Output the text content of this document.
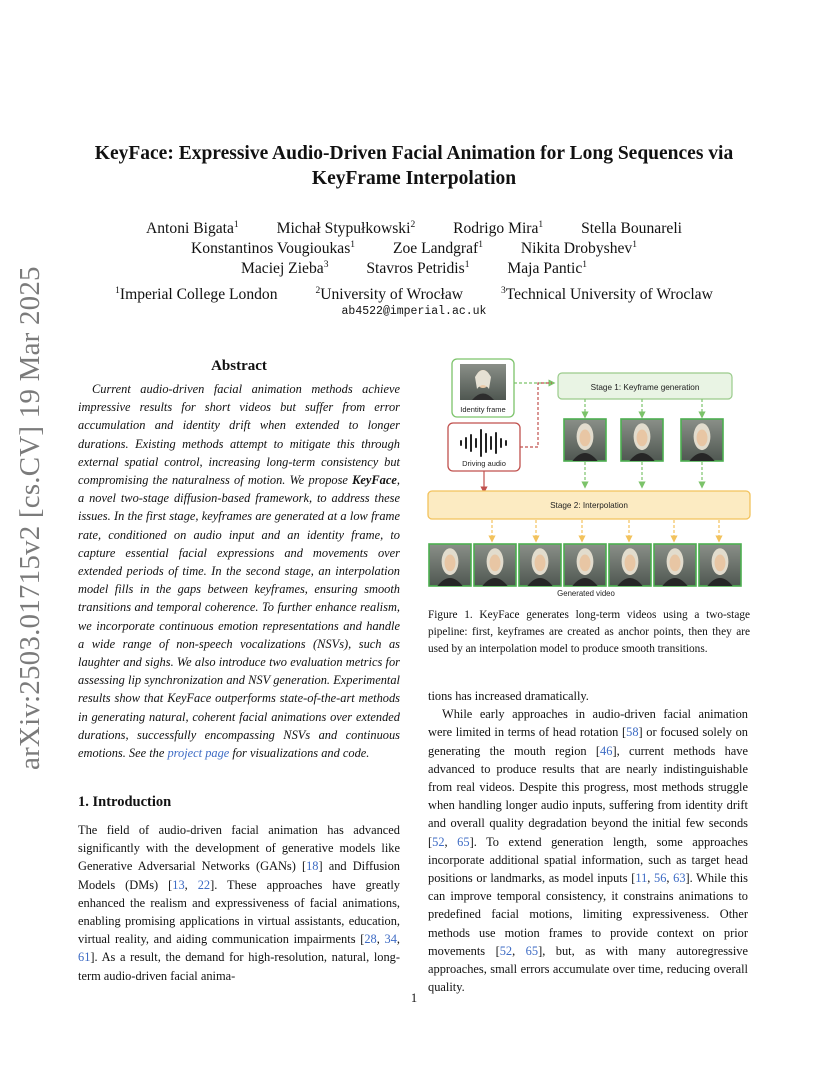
arXiv:2503.01715v2 [cs.CV] 19 Mar 2025
KeyFace: Expressive Audio-Driven Facial Animation for Long Sequences via
KeyFrame Interpolation
Antoni Bigata$^1$ Michał Stypułkowski$^2$ Rodrigo Mira$^1$ Stella Bounareli
Konstantinos Vougioukas$^1$ Zoe Landgraf$^1$ Nikita Drobyshev$^1$
Maciej Zieba$^3$ Stavros Petridis$^1$ Maja Pantic$^1$
$^1$Imperial College London	$^2$University of Wrocław	$^3$Technical University of Wroclaw
ab4522@imperial.ac.uk
Abstract

Current audio-driven facial animation methods achieve impressive results for short videos but suffer from error accumulation and identity drift when extended to longer durations. Existing methods attempt to mitigate this through external spatial control, increasing long-term consistency but compromising the naturalness of motion. We propose KeyFace, a novel two-stage diffusion-based framework, to address these issues. In the first stage, keyframes are generated at a low frame rate, conditioned on audio input and an identity frame, to capture essential facial expressions and movements over extended periods of time. In the second stage, an interpolation model fills in the gaps between keyframes, ensuring smooth transitions and temporal coherence. To further enhance realism, we incorporate continuous emotion representations and handle a wide range of non-speech vocalizations (NSVs), such as laughter and sighs. We also introduce two evaluation metrics for assessing lip synchronization and NSV generation. Experimental results show that KeyFace outperforms state-of-the-art methods in generating natural, coherent facial animations over extended durations, successfully encompassing NSVs and continuous emotions. See the project page for visualizations and code.

1. Introduction

The field of audio-driven facial animation has advanced significantly with the development of generative models like Generative Adversarial Networks (GANs) [18] and Diffusion Models (DMs) [13, 22]. These approaches have greatly enhanced the realism and expressiveness of facial animations, enabling promising applications in virtual assistants, education, virtual reality, and aiding communication impairments [28, 34, 61]. As a result, the demand for high-resolution, natural, long-term audio-driven facial anima-

Identity frame
Driving audio
Stage 1: Keyframe generation
Stage 2: Interpolation
Generated video
Figure 1. KeyFace generates long-term videos using a two-stage pipeline: first, keyframes are created as anchor points, then they are used by an interpolation model to produce smooth transitions.

tions has increased dramatically.

While early approaches in audio-driven facial animation were limited in terms of head rotation [58] or focused solely on generating the mouth region [46], current methods have advanced to produce results that are nearly indistinguishable from real videos. Despite this progress, most methods struggle when handling longer audio inputs, suffering from identity drift and overall quality degradation beyond the initial few seconds [52, 65]. To extend generation length, some approaches incorporate additional spatial information, such as target head positions or landmarks, as model inputs [11, 56, 63]. While this can improve temporal consistency, it constrains animations to predefined facial motions, limiting expressiveness. Other methods use motion frames to provide context on prior movements [52, 65], but, as with many autoregressive approaches, small errors accumulate over time, reducing overall quality.

1
